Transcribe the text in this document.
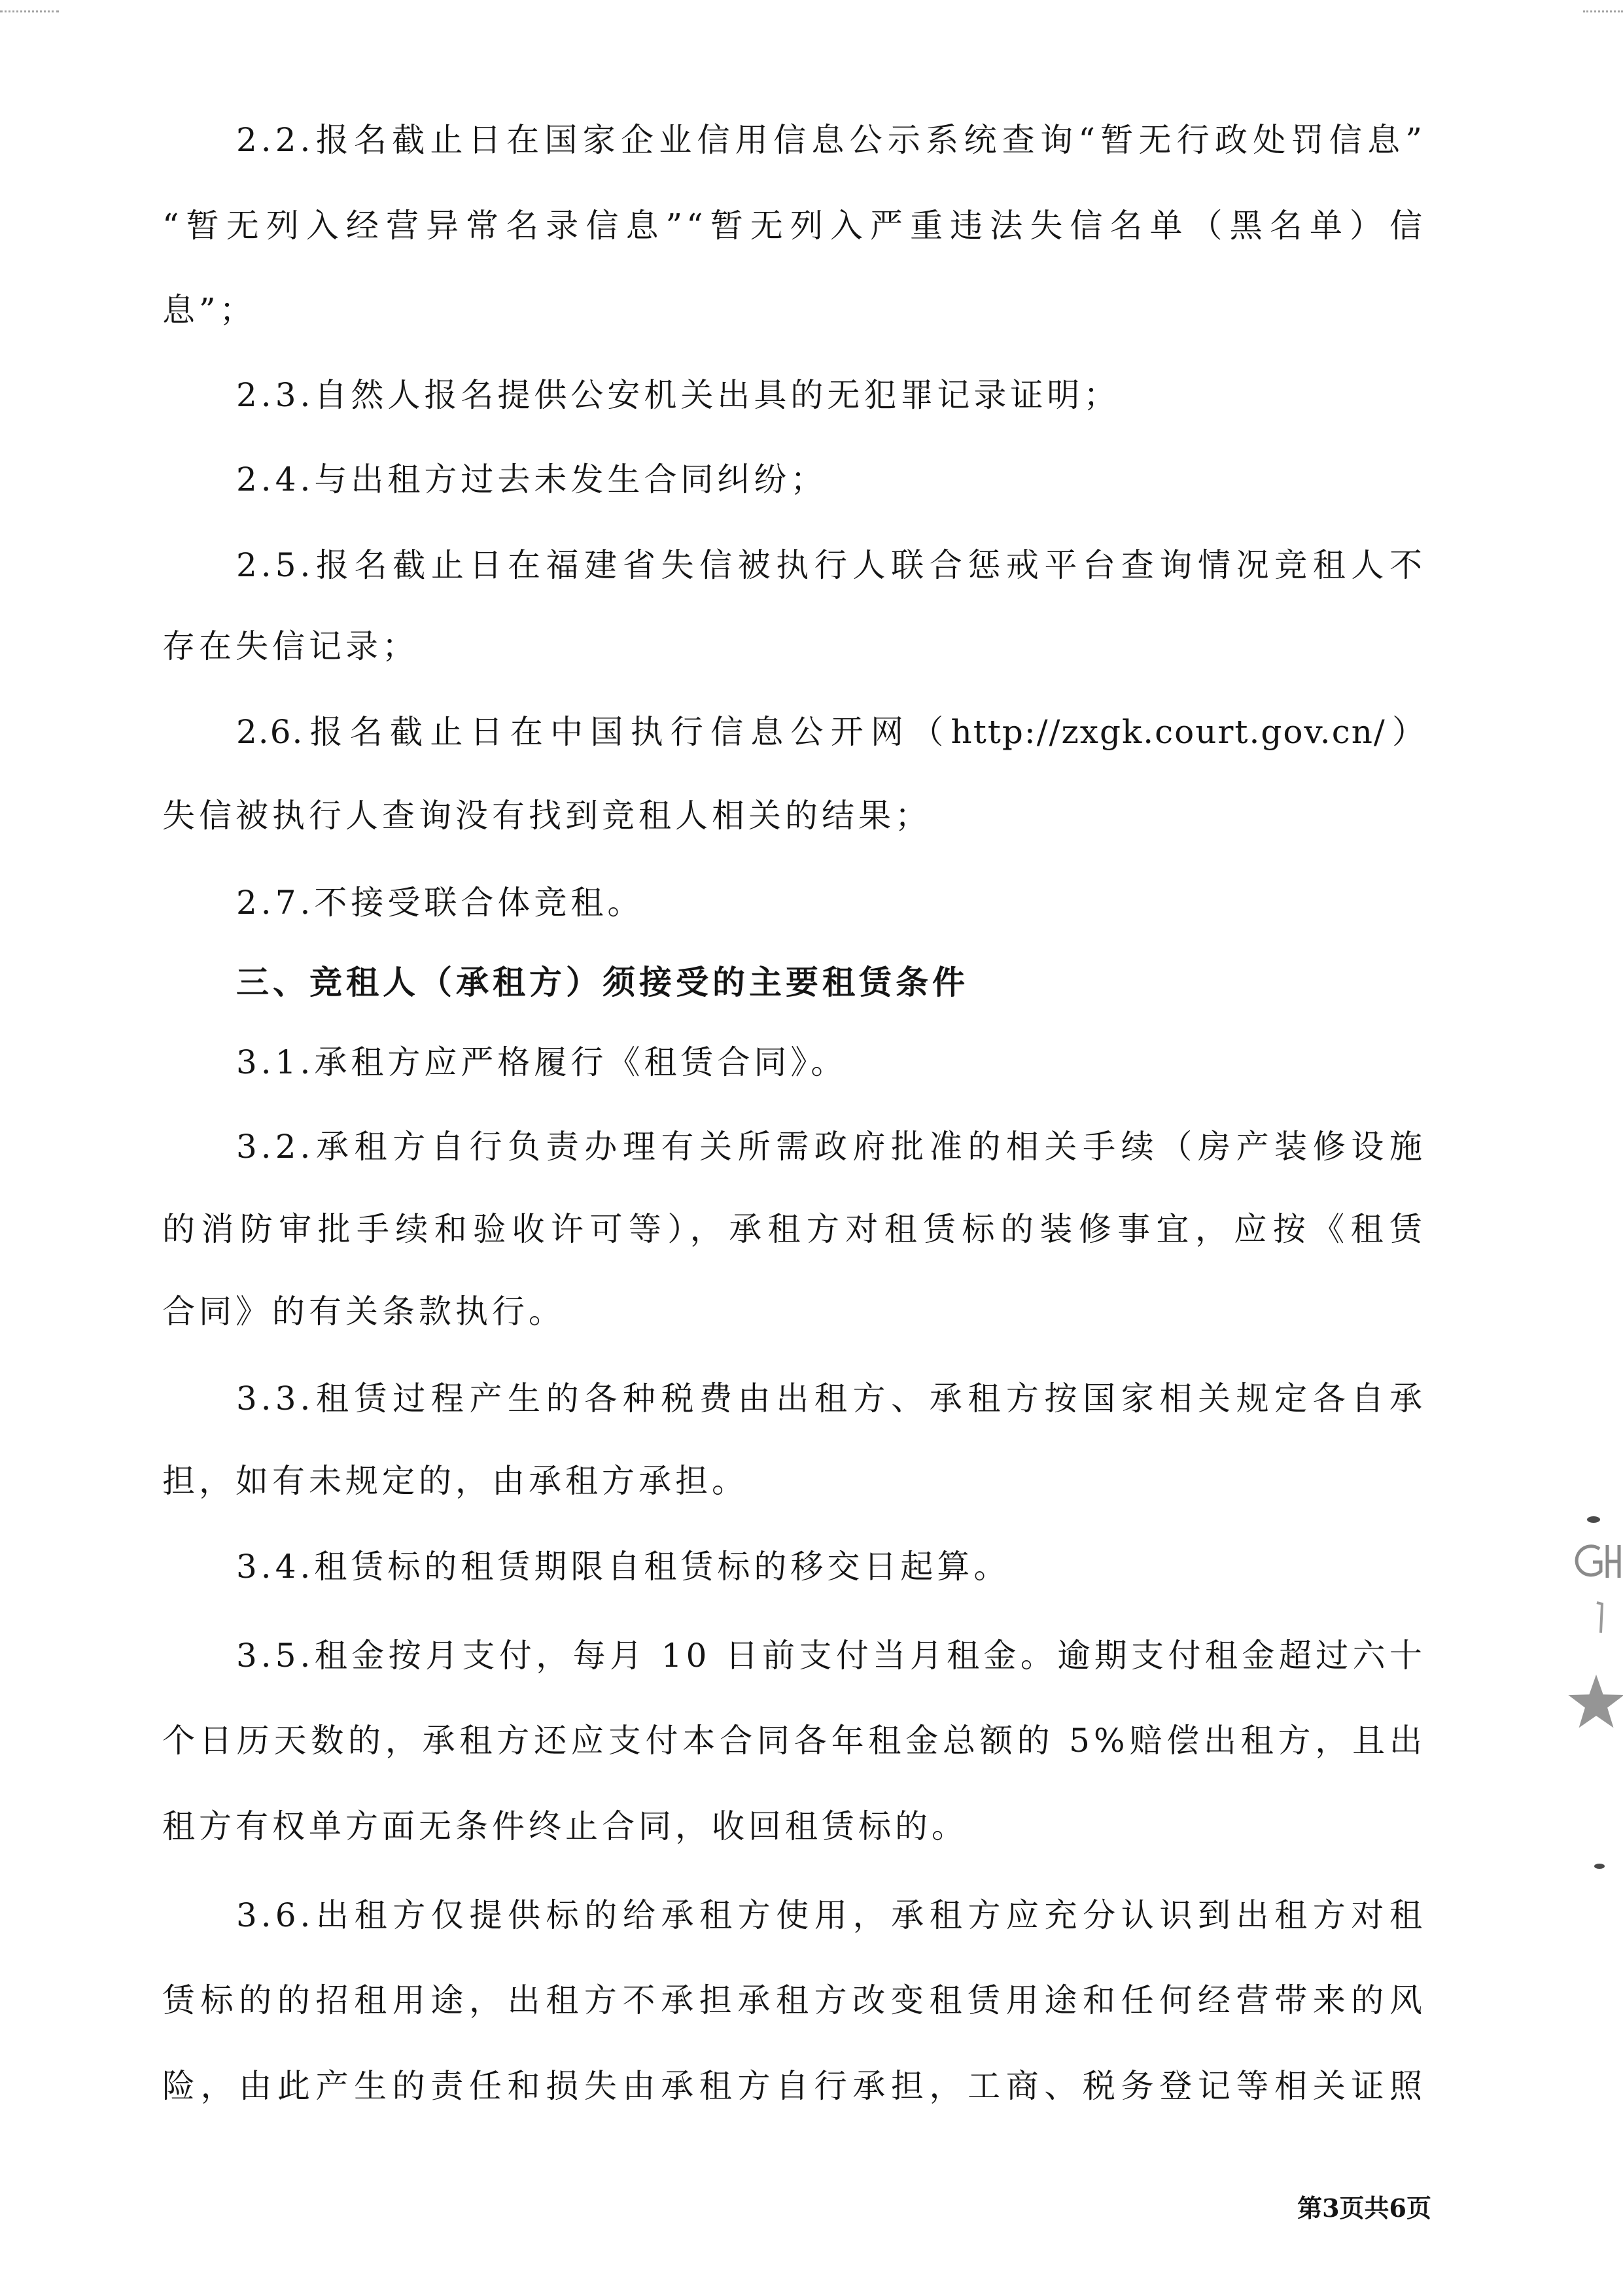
2.2.报名截止日在国家企业信用信息公示系统查询“暂无行政处罚信息”
“暂无列入经营异常名录信息”“暂无列入严重违法失信名单（黑名单）信
息”；
2.3.自然人报名提供公安机关出具的无犯罪记录证明；
2.4.与出租方过去未发生合同纠纷；
2.5.报名截止日在福建省失信被执行人联合惩戒平台查询情况竞租人不
存在失信记录；
2.6.报名截止日在中国执行信息公开网（http://zxgk.court.gov.cn/）
失信被执行人查询没有找到竞租人相关的结果；
2.7.不接受联合体竞租。
三、竞租人（承租方）须接受的主要租赁条件
3.1.承租方应严格履行《租赁合同》。
3.2.承租方自行负责办理有关所需政府批准的相关手续（房产装修设施
的消防审批手续和验收许可等），承租方对租赁标的装修事宜，应按《租赁
合同》的有关条款执行。
3.3.租赁过程产生的各种税费由出租方、承租方按国家相关规定各自承
担，如有未规定的，由承租方承担。
3.4.租赁标的租赁期限自租赁标的移交日起算。
3.5.租金按月支付，每月 10 日前支付当月租金。逾期支付租金超过六十
个日历天数的，承租方还应支付本合同各年租金总额的 5%赔偿出租方，且出
租方有权单方面无条件终止合同，收回租赁标的。
3.6.出租方仅提供标的给承租方使用，承租方应充分认识到出租方对租
赁标的的招租用途，出租方不承担承租方改变租赁用途和任何经营带来的风
险，由此产生的责任和损失由承租方自行承担，工商、税务登记等相关证照
第3页共6页
